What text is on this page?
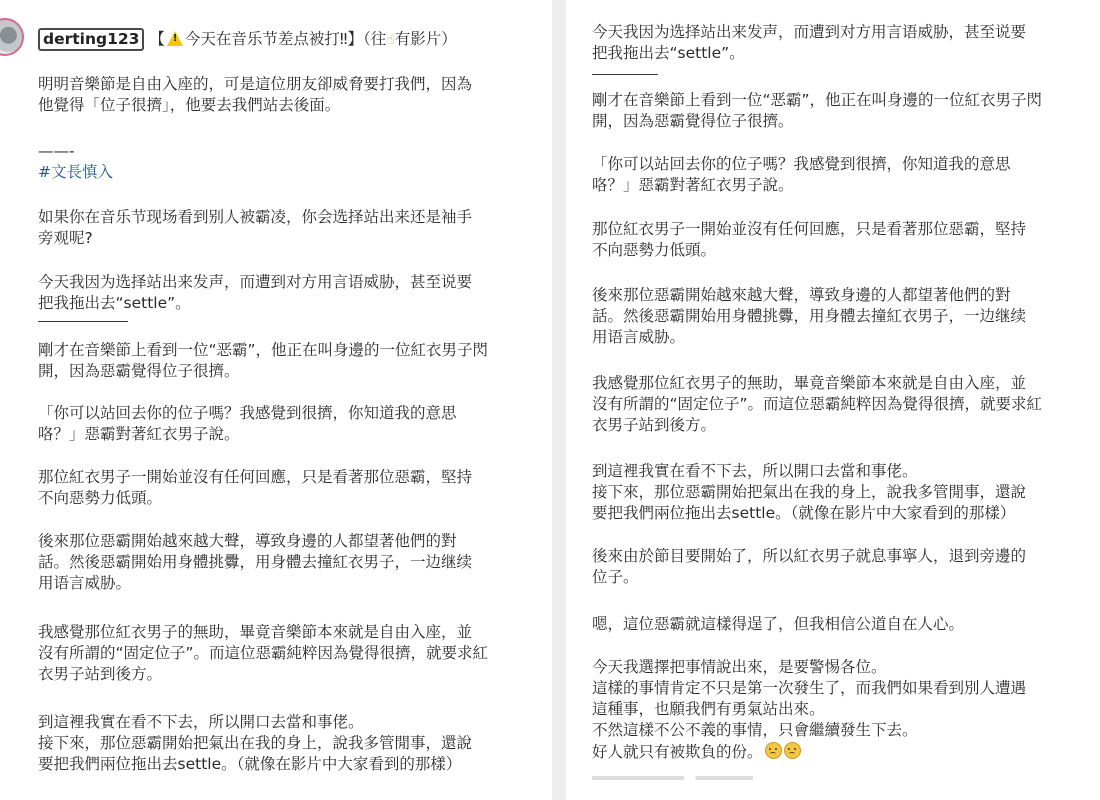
derting123 【! 今天在音乐节差点被打‼】（往☝有影片）

明明音樂節是自由入座的，可是這位朋友卻威脅要打我們，因為
他覺得「位子很擠」，他要去我們站去後面。

——-

#文長慎入

如果你在音乐节现场看到别人被霸凌，你会选择站出来还是袖手
旁观呢?

今天我因为选择站出来发声，而遭到对方用言语威胁，甚至说要
把我拖出去“settle”。

剛才在音樂節上看到一位“恶霸”，他正在叫身邊的一位紅衣男子閃
開，因為惡霸覺得位子很擠。

「你可以站回去你的位子嗎？我感覺到很擠，你知道我的意思
咯？」惡霸對著紅衣男子說。

那位紅衣男子一開始並沒有任何回應，只是看著那位惡霸，堅持
不向惡勢力低頭。

後來那位惡霸開始越來越大聲，導致身邊的人都望著他們的對
話。然後惡霸開始用身體挑釁，用身體去撞紅衣男子，一边继续
用语言威胁。

我感覺那位紅衣男子的無助，畢竟音樂節本來就是自由入座，並
沒有所謂的“固定位子”。而這位惡霸純粹因為覺得很擠，就要求紅
衣男子站到後方。

到這裡我實在看不下去，所以開口去當和事佬。
接下來，那位惡霸開始把氣出在我的身上，說我多管閒事，還說
要把我們兩位拖出去settle。（就像在影片中大家看到的那樣）

今天我因为选择站出来发声，而遭到对方用言语威胁，甚至说要
把我拖出去“settle”。

剛才在音樂節上看到一位“恶霸”，他正在叫身邊的一位紅衣男子閃
開，因為惡霸覺得位子很擠。

「你可以站回去你的位子嗎？我感覺到很擠，你知道我的意思
咯？」惡霸對著紅衣男子說。

那位紅衣男子一開始並沒有任何回應，只是看著那位惡霸，堅持
不向惡勢力低頭。

後來那位惡霸開始越來越大聲，導致身邊的人都望著他們的對
話。然後惡霸開始用身體挑釁，用身體去撞紅衣男子，一边继续
用语言威胁。

我感覺那位紅衣男子的無助，畢竟音樂節本來就是自由入座，並
沒有所謂的“固定位子”。而這位惡霸純粹因為覺得很擠，就要求紅
衣男子站到後方。

到這裡我實在看不下去，所以開口去當和事佬。
接下來，那位惡霸開始把氣出在我的身上，說我多管閒事，還說
要把我們兩位拖出去settle。（就像在影片中大家看到的那樣）

後來由於節目要開始了，所以紅衣男子就息事寧人，退到旁邊的
位子。

嗯，這位惡霸就這樣得逞了，但我相信公道自在人心。

今天我選擇把事情說出來，是要警惕各位。
這樣的事情肯定不只是第一次發生了，而我們如果看到別人遭遇
這種事，也願我們有勇氣站出來。
不然這樣不公不義的事情，只會繼續發生下去。

好人就只有被欺負的份。
